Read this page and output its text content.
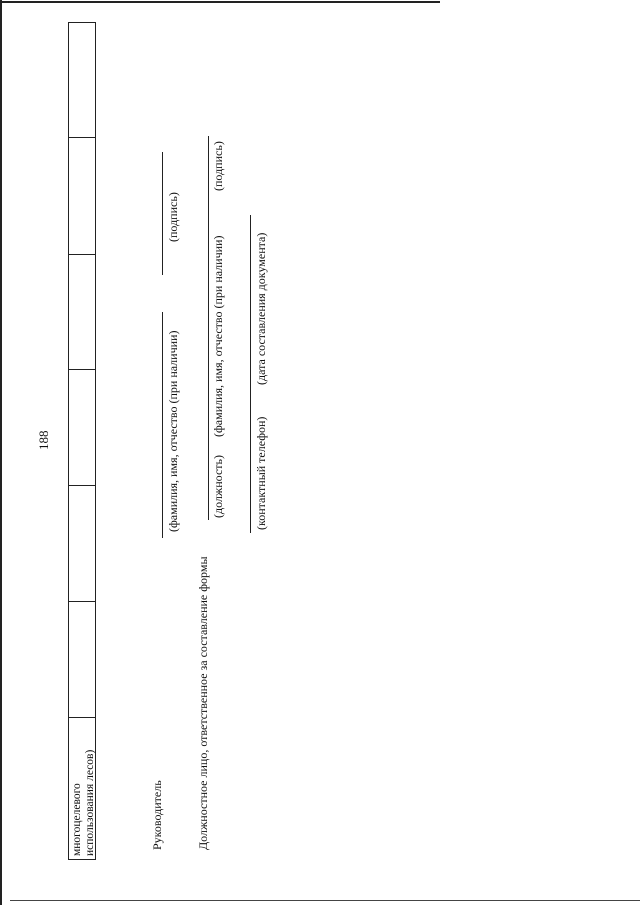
188
многоцелевого использования лесов)	Руководитель
(фамилия, имя, отчество (при наличии)
(подпись)
Должностное лицо, ответственное за составление формы
(должность)
(фамилия, имя, отчество (при наличии)
(подпись)
(контактный телефон)
(дата составления документа)
